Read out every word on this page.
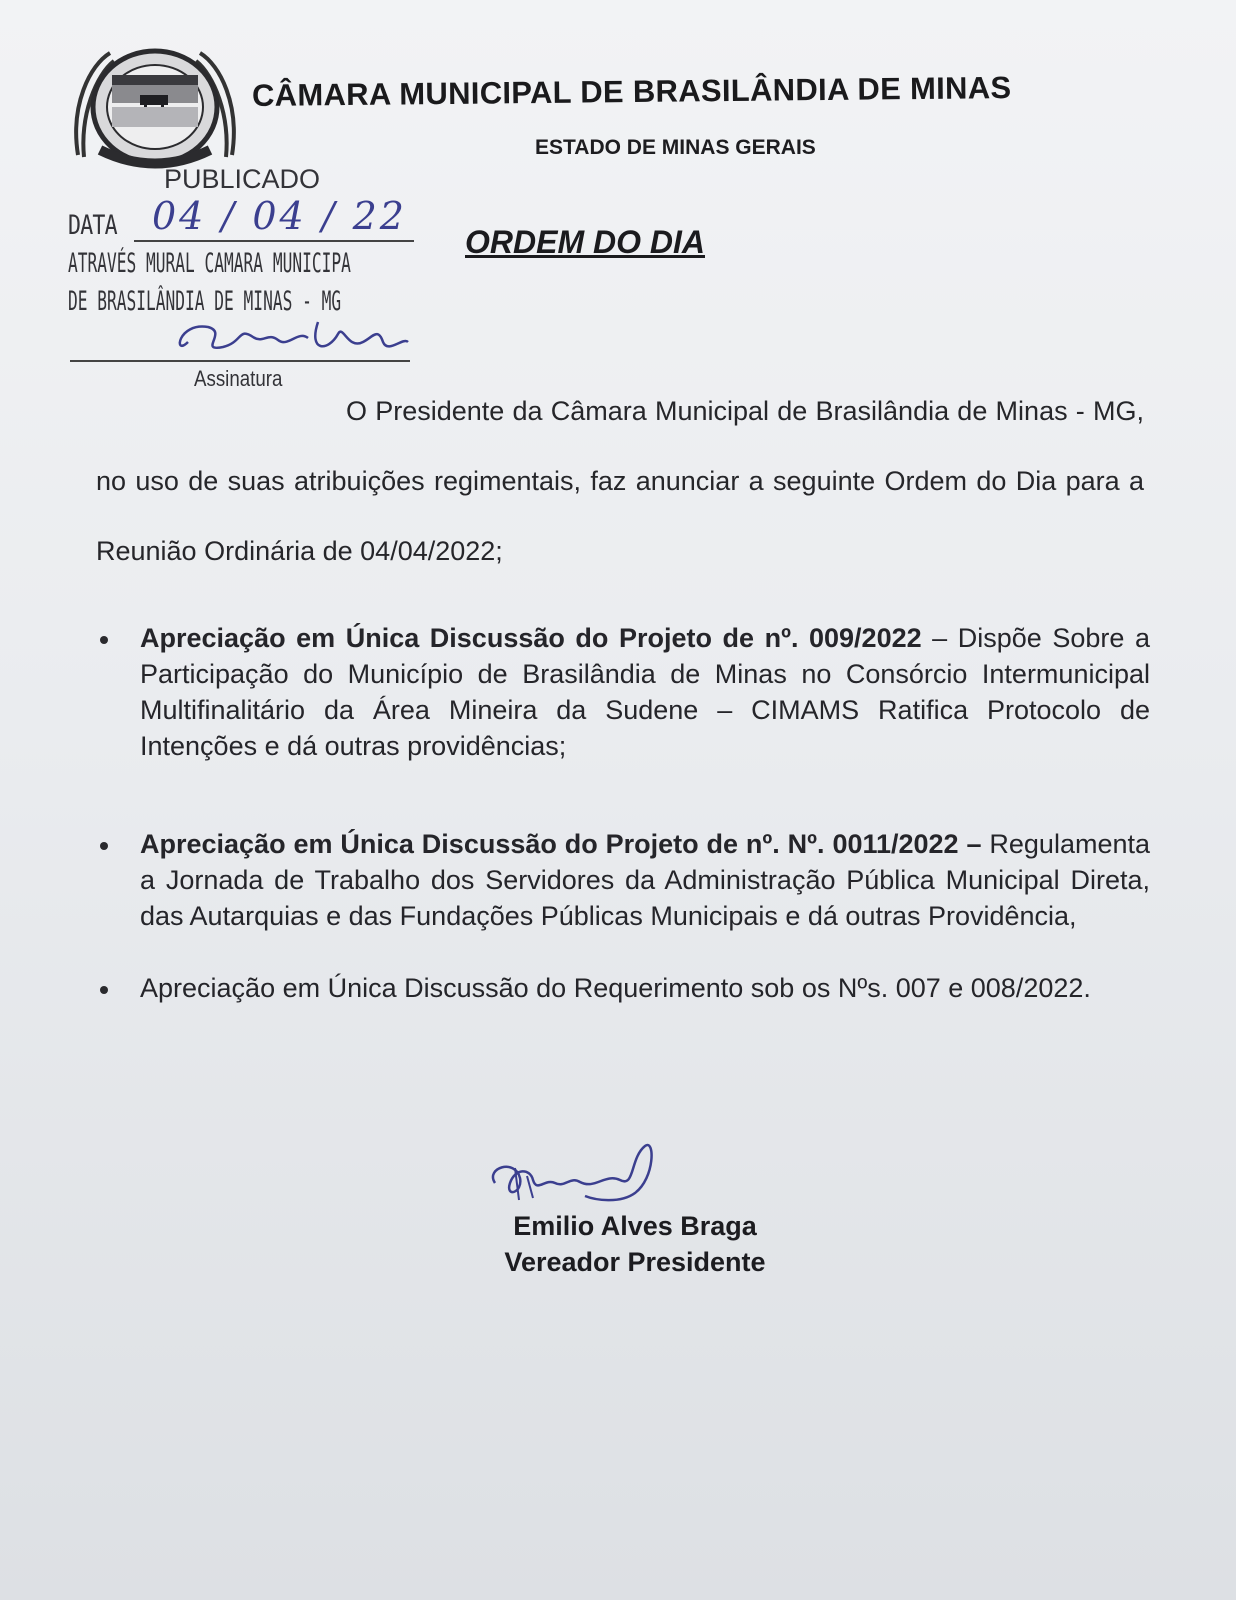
CÂMARA MUNICIPAL DE BRASILÂNDIA DE MINAS
ESTADO DE MINAS GERAIS
PUBLICADO
DATA 04 / 04 / 22
ATRAVÉS MURAL CAMARA MUNICIPA
DE BRASILÂNDIA DE MINAS - MG
Assinatura
ORDEM DO DIA
O Presidente da Câmara Municipal de Brasilândia de Minas - MG, no uso de suas atribuições regimentais, faz anunciar a seguinte Ordem do Dia para a Reunião Ordinária de 04/04/2022;
Apreciação em Única Discussão do Projeto de nº. 009/2022 – Dispõe Sobre a Participação do Município de Brasilândia de Minas no Consórcio Intermunicipal Multifinalitário da Área Mineira da Sudene – CIMAMS Ratifica Protocolo de Intenções e dá outras providências;
Apreciação em Única Discussão do Projeto de nº. Nº. 0011/2022 – Regulamenta a Jornada de Trabalho dos Servidores da Administração Pública Municipal Direta, das Autarquias e das Fundações Públicas Municipais e dá outras Providência,
Apreciação em Única Discussão do Requerimento sob os Nºs. 007 e 008/2022.
Emilio Alves Braga
Vereador Presidente
